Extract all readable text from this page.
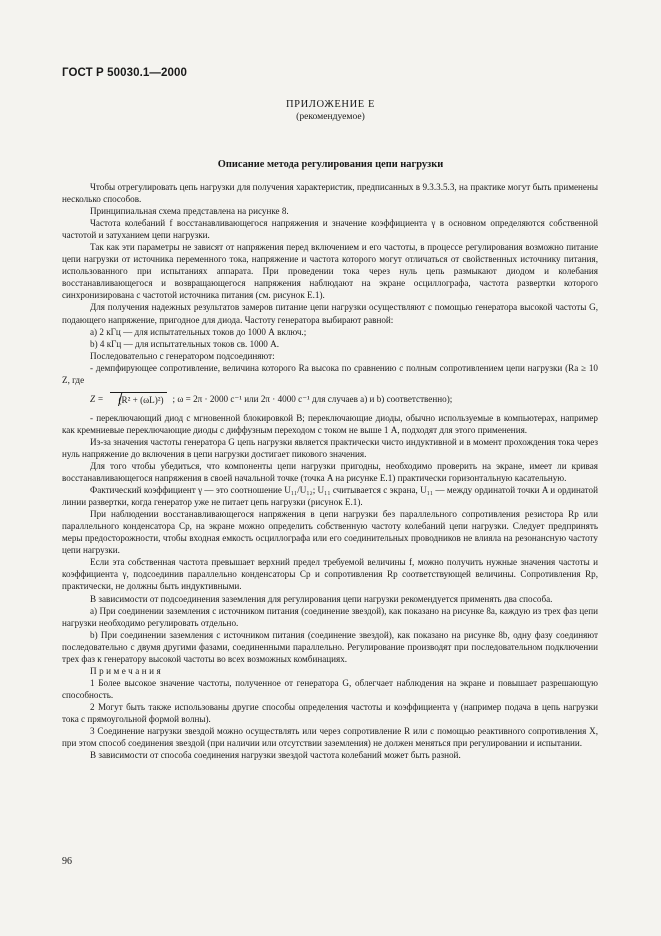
ГОСТ Р 50030.1—2000
ПРИЛОЖЕНИЕ Е
(рекомендуемое)
Описание метода регулирования цепи нагрузки

Чтобы отрегулировать цепь нагрузки для получения характеристик, предписанных в 9.3.3.5.3, на практике могут быть применены несколько способов.

Принципиальная схема представлена на рисунке 8.

Частота колебаний f восстанавливающегося напряжения и значение коэффициента γ в основном определяются собственной частотой и затуханием цепи нагрузки.

Так как эти параметры не зависят от напряжения перед включением и его частоты, в процессе регулирования возможно питание цепи нагрузки от источника переменного тока, напряжение и частота которого могут отличаться от свойственных источнику питания, использованного при испытаниях аппарата. При проведении тока через нуль цепь размыкают диодом и колебания восстанавливающегося и возвращающегося напряжения наблюдают на экране осциллографа, частота развертки которого синхронизирована с частотой источника питания (см. рисунок Е.1).

Для получения надежных результатов замеров питание цепи нагрузки осуществляют с помощью генератора высокой частоты G, подающего напряжение, пригодное для диода. Частоту генератора выбирают равной:

а) 2 кГц — для испытательных токов до 1000 А включ.;

b) 4 кГц — для испытательных токов св. 1000 А.

Последовательно с генератором подсоединяют:

- демпфирующее сопротивление, величина которого Ra высока по сравнению с полным сопротивлением цепи нагрузки (Ra ≥ 10 Z, где

Z =	(R² + (ωL)²) ; ω = 2π · 2000 с⁻¹ или 2π · 4000 с⁻¹ для случаев а) и b) соответственно);

- переключающий диод с мгновенной блокировкой B; переключающие диоды, обычно используемые в компьютерах, например как кремниевые переключающие диоды с диффузным переходом с током не выше 1 А, подходят для этого применения.

Из-за значения частоты генератора G цепь нагрузки является практически чисто индуктивной и в момент прохождения тока через нуль напряжение до включения в цепи нагрузки достигает пикового значения.

Для того чтобы убедиться, что компоненты цепи нагрузки пригодны, необходимо проверить на экране, имеет ли кривая восстанавливающегося напряжения в своей начальной точке (точка A на рисунке Е.1) практически горизонтальную касательную.

Фактический коэффициент γ — это соотношение U₁₁/U₁₂; U₁₁ считывается с экрана, U₁₁ — между ординатой точки A и ординатой линии развертки, когда генератор уже не питает цепь нагрузки (рисунок Е.1).

При наблюдении восстанавливающегося напряжения в цепи нагрузки без параллельного сопротивления резистора Rp или параллельного конденсатора Cp, на экране можно определить собственную частоту колебаний цепи нагрузки. Следует предпринять меры предосторожности, чтобы входная емкость осциллографа или его соединительных проводников не влияла на резонансную частоту цепи нагрузки.

Если эта собственная частота превышает верхний предел требуемой величины f, можно получить нужные значения частоты и коэффициента γ, подсоединив параллельно конденсаторы Cp и сопротивления Rp соответствующей величины. Сопротивления Rp, практически, не должны быть индуктивными.

В зависимости от подсоединения заземления для регулирования цепи нагрузки рекомендуется применять два способа.

а) При соединении заземления с источником питания (соединение звездой), как показано на рисунке 8а, каждую из трех фаз цепи нагрузки необходимо регулировать отдельно.

b) При соединении заземления с источником питания (соединение звездой), как показано на рисунке 8b, одну фазу соединяют последовательно с двумя другими фазами, соединенными параллельно. Регулирование производят при последовательном подключении трех фаз к генератору высокой частоты во всех возможных комбинациях.

Примечания

1 Более высокое значение частоты, полученное от генератора G, облегчает наблюдения на экране и повышает разрешающую способность.

2 Могут быть также использованы другие способы определения частоты и коэффициента γ (например подача в цепь нагрузки тока с прямоугольной формой волны).

3 Соединение нагрузки звездой можно осуществлять или через сопротивление R или с помощью реактивного сопротивления X, при этом способ соединения звездой (при наличии или отсутствии заземления) не должен меняться при регулировании и испытании.

В зависимости от способа соединения нагрузки звездой частота колебаний может быть разной.

96
